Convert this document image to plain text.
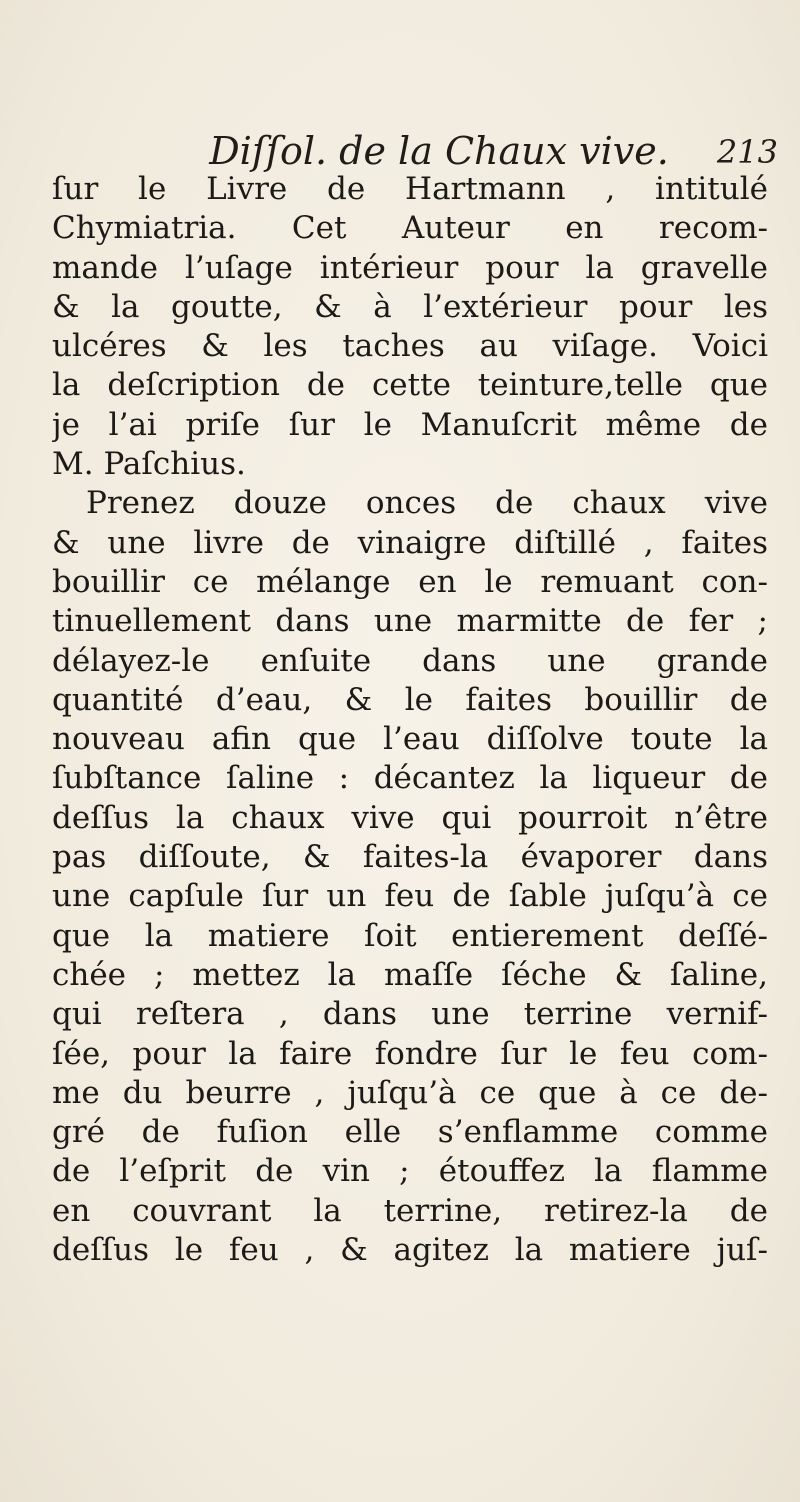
Diſſol. de la Chaux vive.	213
ſur le Livre de Hartmann , intitulé
Chymiatria. Cet Auteur en recom-
mande l’uſage intérieur pour la gravelle
& la goutte, & à l’extérieur pour les
ulcéres & les taches au viſage. Voici
la deſcription de cette teinture,telle que
je l’ai priſe ſur le Manuſcrit même de
M. Paſchius.
Prenez douze onces de chaux vive
& une livre de vinaigre diſtillé , faites
bouillir ce mélange en le remuant con-
tinuellement dans une marmitte de fer ;
délayez-le enſuite dans une grande
quantité d’eau, & le faites bouillir de
nouveau afin que l’eau diſſolve toute la
ſubſtance ſaline : décantez la liqueur de
deſſus la chaux vive qui pourroit n’être
pas diſſoute, & faites-la évaporer dans
une capſule ſur un feu de ſable juſqu’à ce
que la matiere ſoit entierement deſſé-
chée ; mettez la maſſe ſéche & ſaline,
qui reſtera , dans une terrine vernif-
ſée, pour la faire fondre ſur le feu com-
me du beurre , juſqu’à ce que à ce de-
gré de fuſion elle s’enflamme comme
de l’eſprit de vin ; étouffez la flamme
en couvrant la terrine, retirez-la de
deſſus le feu , & agitez la matiere juſ-
